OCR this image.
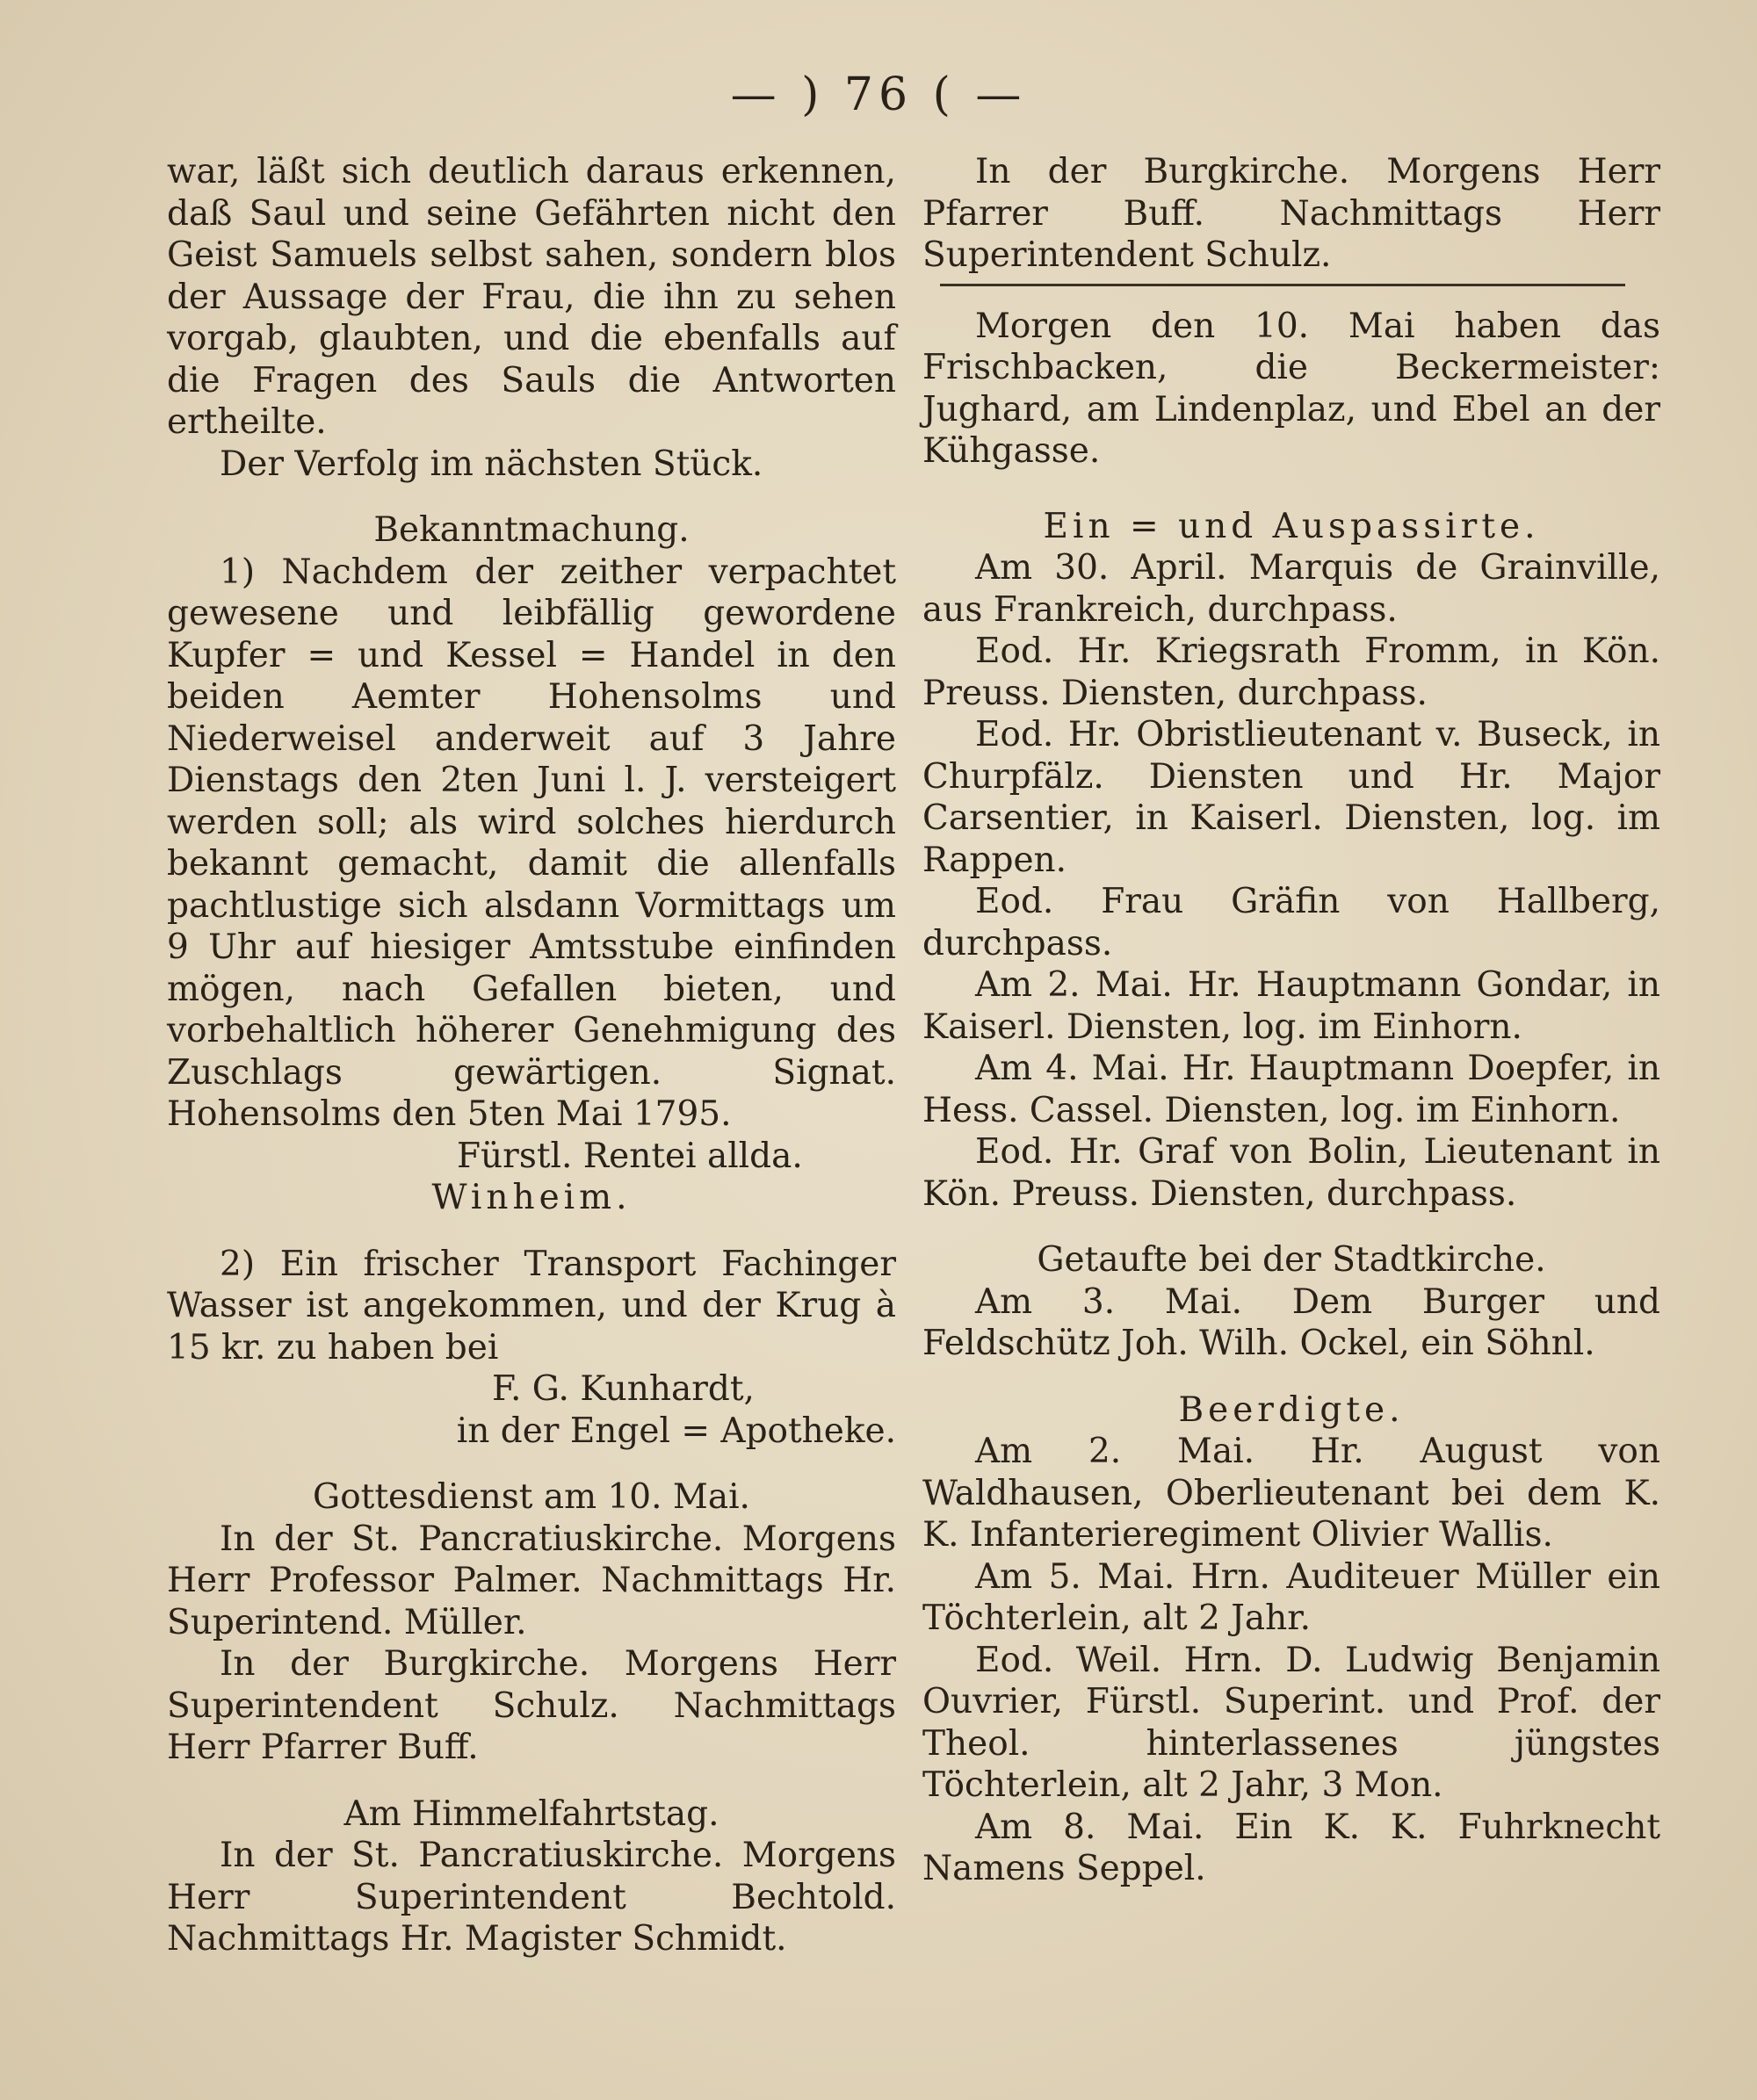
— ) 76 ( —

war, läßt sich deutlich daraus erkennen, daß Saul und seine Gefährten nicht den Geist Samuels selbst sahen, sondern blos der Aussage der Frau, die ihn zu sehen vorgab, glaubten, und die ebenfalls auf die Fragen des Sauls die Antworten ertheilte.

Der Verfolg im nächsten Stück.

Bekanntmachung.

1) Nachdem der zeither verpachtet gewesene und leibfällig gewordene Kupfer = und Kessel = Handel in den beiden Aemter Hohensolms und Niederweisel anderweit auf 3 Jahre Dienstags den 2ten Juni l. J. versteigert werden soll; als wird solches hierdurch bekannt gemacht, damit die allenfalls pachtlustige sich alsdann Vormittags um 9 Uhr auf hiesiger Amtsstube einfinden mögen, nach Gefallen bieten, und vorbehaltlich höherer Genehmigung des Zuschlags gewärtigen. Signat. Hohensolms den 5ten Mai 1795.

Fürstl. Rentei allda.

Winheim.

2) Ein frischer Transport Fachinger Wasser ist angekommen, und der Krug à 15 kr. zu haben bei

F. G. Kunhardt,

in der Engel = Apotheke.

Gottesdienst am 10. Mai.

In der St. Pancratiuskirche. Morgens Herr Professor Palmer. Nachmittags Hr. Superintend. Müller.

In der Burgkirche. Morgens Herr Superintendent Schulz. Nachmittags Herr Pfarrer Buff.

Am Himmelfahrtstag.

In der St. Pancratiuskirche. Morgens Herr Superintendent Bechtold. Nachmittags Hr. Magister Schmidt.

In der Burgkirche. Morgens Herr Pfarrer Buff. Nachmittags Herr Superintendent Schulz.

Morgen den 10. Mai haben das Frischbacken, die Beckermeister: Jughard, am Lindenplaz, und Ebel an der Kühgasse.

Ein = und Auspassirte.

Am 30. April. Marquis de Grainville, aus Frankreich, durchpass.

Eod. Hr. Kriegsrath Fromm, in Kön. Preuss. Diensten, durchpass.

Eod. Hr. Obristlieutenant v. Buseck, in Churpfälz. Diensten und Hr. Major Carsentier, in Kaiserl. Diensten, log. im Rappen.

Eod. Frau Gräfin von Hallberg, durchpass.

Am 2. Mai. Hr. Hauptmann Gondar, in Kaiserl. Diensten, log. im Einhorn.

Am 4. Mai. Hr. Hauptmann Doepfer, in Hess. Cassel. Diensten, log. im Einhorn.

Eod. Hr. Graf von Bolin, Lieutenant in Kön. Preuss. Diensten, durchpass.

Getaufte bei der Stadtkirche.

Am 3. Mai. Dem Burger und Feldschütz Joh. Wilh. Ockel, ein Söhnl.

Beerdigte.

Am 2. Mai. Hr. August von Waldhausen, Oberlieutenant bei dem K. K. Infanterieregiment Olivier Wallis.

Am 5. Mai. Hrn. Auditeuer Müller ein Töchterlein, alt 2 Jahr.

Eod. Weil. Hrn. D. Ludwig Benjamin Ouvrier, Fürstl. Superint. und Prof. der Theol. hinterlassenes jüngstes Töchterlein, alt 2 Jahr, 3 Mon.

Am 8. Mai. Ein K. K. Fuhrknecht Namens Seppel.
